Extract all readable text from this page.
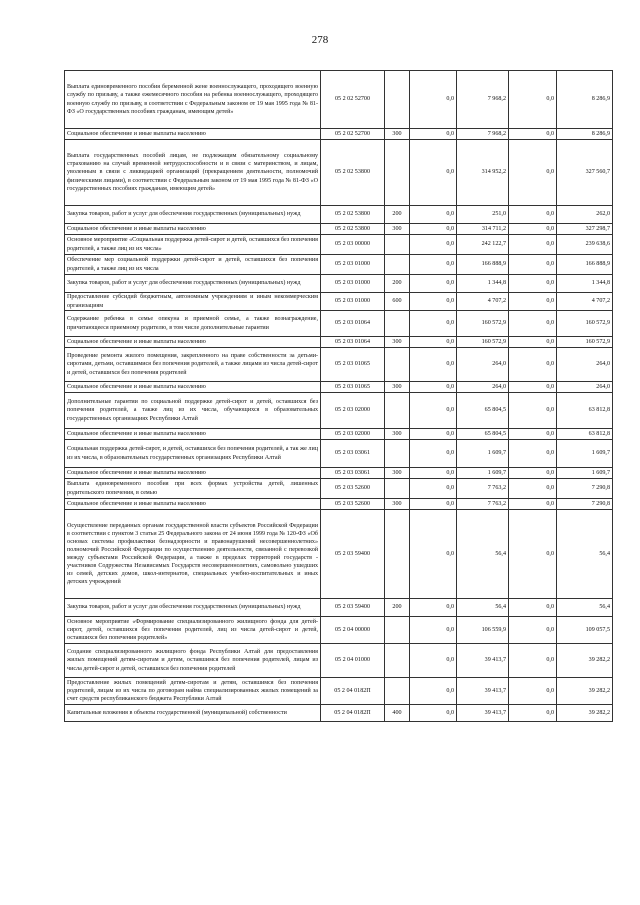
278
Выплата единовременного пособия беременной жене военнослужащего, проходящего военную службу по призыву, а также ежемесячного пособия на ребенка военнослужащего, проходящего военную службу по призыву, в соответствии с Федеральным законом от 19 мая 1995 года № 81-ФЗ «О государственных пособиях гражданам, имеющим детей»	05 2 02 52700		0,0	7 968,2	0,0	8 286,9
Социальное обеспечение и иные выплаты населению	05 2 02 52700	300	0,0	7 968,2	0,0	8 286,9
Выплата государственных пособий лицам, не подлежащим обязательному социальному страхованию на случай временной нетрудоспособности и в связи с материнством, и лицам, уволенным в связи с ликвидацией организаций (прекращением деятельности, полномочий физическими лицами), в соответствии с Федеральным законом от 19 мая 1995 года № 81-ФЗ «О государственных пособиях гражданам, имеющим детей»	05 2 02 53800		0,0	314 952,2	0,0	327 560,7
Закупка товаров, работ и услуг для обеспечения государственных (муниципальных) нужд	05 2 02 53800	200	0,0	251,0	0,0	262,0
Социальное обеспечение и иные выплаты населению	05 2 02 53800	300	0,0	314 711,2	0,0	327 298,7
Основное мероприятие «Социальная поддержка детей-сирот и детей, оставшихся без попечения родителей, а также лиц из их числа»	05 2 03 00000		0,0	242 122,7	0,0	239 638,6
Обеспечение мер социальной поддержки детей-сирот и детей, оставшихся без попечения родителей, а также лиц из их числа	05 2 03 01000		0,0	166 888,9	0,0	166 888,9
Закупка товаров, работ и услуг для обеспечения государственных (муниципальных) нужд	05 2 03 01000	200	0,0	1 344,8	0,0	1 344,8
Предоставление субсидий бюджетным, автономным учреждениям и иным некоммерческим организациям	05 2 03 01000	600	0,0	4 707,2	0,0	4 707,2
Содержание ребенка в семье опекуна и приемной семье, а также вознаграждение, причитающееся приемному родителю, в том числе дополнительные гарантии	05 2 03 01064		0,0	160 572,9	0,0	160 572,9
Социальное обеспечение и иные выплаты населению	05 2 03 01064	300	0,0	160 572,9	0,0	160 572,9
Проведение ремонта жилого помещения, закрепленного на праве собственности за детьми-сиротами, детьми, оставшимися без попечения родителей, а также лицами из числа детей-сирот и детей, оставшихся без попечения родителей	05 2 03 01065		0,0	264,0	0,0	264,0
Социальное обеспечение и иные выплаты населению	05 2 03 01065	300	0,0	264,0	0,0	264,0
Дополнительные гарантии по социальной поддержке детей-сирот и детей, оставшихся без попечения родителей, а также лиц из их числа, обучающихся в образовательных государственных организациях Республики Алтай	05 2 03 02000		0,0	65 804,5	0,0	63 812,8
Социальное обеспечение и иные выплаты населению	05 2 03 02000	300	0,0	65 804,5	0,0	63 812,8
Социальная поддержка детей-сирот, и детей, оставшихся без попечения родителей, а так же лиц из их числа, в образовательных государственных организациях Республики Алтай	05 2 03 03061		0,0	1 609,7	0,0	1 609,7
Социальное обеспечение и иные выплаты населению	05 2 03 03061	300	0,0	1 609,7	0,0	1 609,7
Выплата единовременного пособия при всех формах устройства детей, лишенных родительского попечения, в семью	05 2 03 52600		0,0	7 763,2	0,0	7 290,8
Социальное обеспечение и иные выплаты населению	05 2 03 52600	300	0,0	7 763,2	0,0	7 290,8
Осуществление переданных органам государственной власти субъектов Российской Федерации в соответствии с пунктом 3 статьи 25 Федерального закона от 24 июня 1999 года № 120-ФЗ «Об основах системы профилактики безнадзорности и правонарушений несовершеннолетних» полномочий Российской Федерации по осуществлению деятельности, связанной с перевозкой между субъектами Российской Федерации, а также в пределах территорий государств - участников Содружества Независимых Государств несовершеннолетних, самовольно ушедших из семей, детских домов, школ-интернатов, специальных учебно-воспитательных и иных детских учреждений	05 2 03 59400		0,0	56,4	0,0	56,4
Закупка товаров, работ и услуг для обеспечения государственных (муниципальных) нужд	05 2 03 59400	200	0,0	56,4	0,0	56,4
Основное мероприятие «Формирование специализированного жилищного фонда для детей-сирот, детей, оставшихся без попечения родителей, лиц из числа детей-сирот и детей, оставшихся без попечения родителей»	05 2 04 00000		0,0	106 559,9	0,0	109 057,5
Создание специализированного жилищного фонда Республики Алтай для предоставления жилых помещений детям-сиротам и детям, оставшимся без попечения родителей, лицам из числа детей-сирот и детей, оставшихся без попечения родителей	05 2 04 01000		0,0	39 413,7	0,0	39 282,2
Предоставление жилых помещений детям-сиротам и детям, оставшимся без попечения родителей, лицам из их числа по договорам найма специализированных жилых помещений за счет средств республиканского бюджета Республики Алтай	05 2 04 0182П		0,0	39 413,7	0,0	39 282,2
Капитальные вложения в объекты государственной (муниципальной) собственности	05 2 04 0182П	400	0,0	39 413,7	0,0	39 282,2
